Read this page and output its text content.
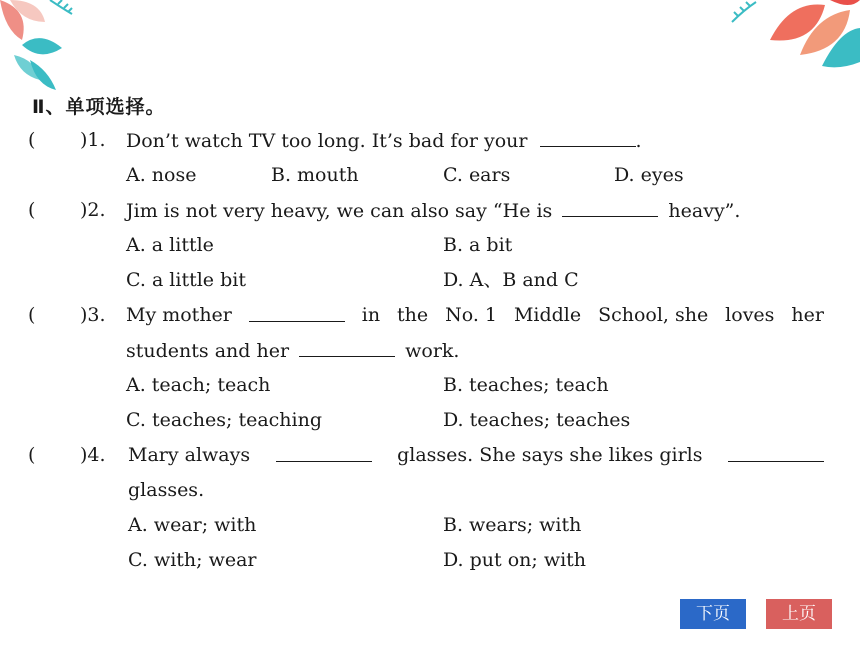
Ⅱ、单项选择。
( )1. Don’t watch TV too long. It’s bad for your	.
A. nose	B. mouth	C. ears	D. eyes
( )2. Jim is not very heavy, we can also say “He is	heavy”.
A. a little	B. a bit
C. a little bit	D. A、B and C
( )3. My mother	in the No. 1 Middle School, she loves her
students and her	work.
A. teach; teach	B. teaches; teach
C. teaches; teaching	D. teaches; teaches
( )4. Mary always	glasses. She says she likes girls
glasses.
A. wear; with	B. wears; with
C. with; wear	D. put on; with
下页	上页
